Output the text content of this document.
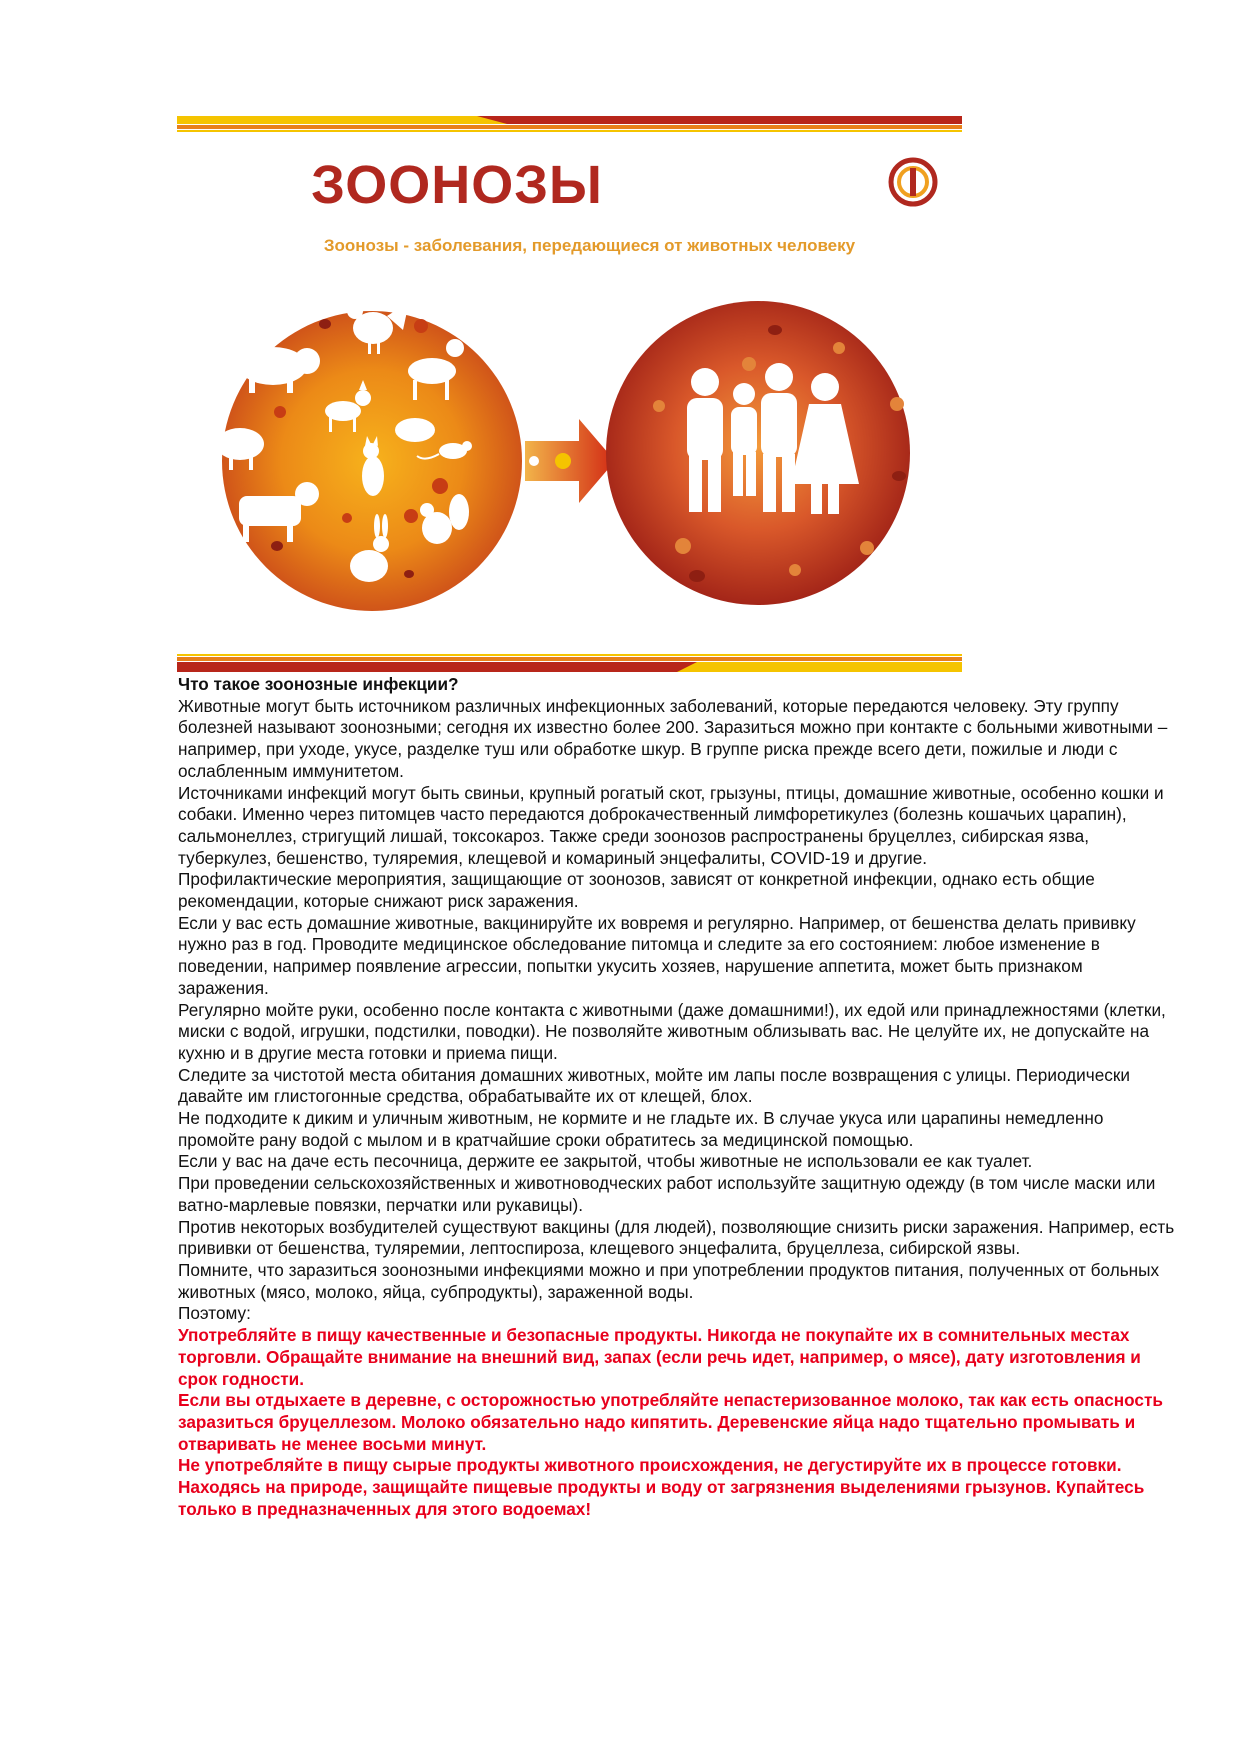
ЗООНОЗЫ
Зоонозы - заболевания, передающиеся от животных человеку

Что такое зоонозные инфекции?

Животные могут быть источником различных инфекционных заболеваний, которые передаются человеку. Эту группу болезней называют зоонозными; сегодня их известно более 200. Заразиться можно при контакте с больными животными – например, при уходе, укусе, разделке туш или обработке шкур. В группе риска прежде всего дети, пожилые и люди с ослабленным иммунитетом.

Источниками инфекций могут быть свиньи, крупный рогатый скот, грызуны, птицы, домашние животные, особенно кошки и собаки. Именно через питомцев часто передаются доброкачественный лимфоретикулез (болезнь кошачьих царапин), сальмонеллез, стригущий лишай, токсокароз. Также среди зоонозов распространены бруцеллез, сибирская язва, туберкулез, бешенство, туляремия, клещевой и комариный энцефалиты, COVID-19 и другие.

Профилактические мероприятия, защищающие от зоонозов, зависят от конкретной инфекции, однако есть общие рекомендации, которые снижают риск заражения.

Если у вас есть домашние животные, вакцинируйте их вовремя и регулярно. Например, от бешенства делать прививку нужно раз в год. Проводите медицинское обследование питомца и следите за его состоянием: любое изменение в поведении, например появление агрессии, попытки укусить хозяев, нарушение аппетита, может быть признаком заражения.

Регулярно мойте руки, особенно после контакта с животными (даже домашними!), их едой или принадлежностями (клетки, миски с водой, игрушки, подстилки, поводки). Не позволяйте животным облизывать вас. Не целуйте их, не допускайте на кухню и в другие места готовки и приема пищи.

Следите за чистотой места обитания домашних животных, мойте им лапы после возвращения с улицы. Периодически давайте им глистогонные средства, обрабатывайте их от клещей, блох.

Не подходите к диким и уличным животным, не кормите и не гладьте их. В случае укуса или царапины немедленно промойте рану водой с мылом и в кратчайшие сроки обратитесь за медицинской помощью.

Если у вас на даче есть песочница, держите ее закрытой, чтобы животные не использовали ее как туалет.

При проведении сельскохозяйственных и животноводческих работ используйте защитную одежду (в том числе маски или ватно-марлевые повязки, перчатки или рукавицы).

Против некоторых возбудителей существуют вакцины (для людей), позволяющие снизить риски заражения. Например, есть прививки от бешенства, туляремии, лептоспироза, клещевого энцефалита, бруцеллеза, сибирской язвы.

Помните, что заразиться зоонозными инфекциями можно и при употреблении продуктов питания, полученных от больных животных (мясо, молоко, яйца, субпродукты), зараженной воды.

Поэтому:

Употребляйте в пищу качественные и безопасные продукты. Никогда не покупайте их в сомнительных местах торговли. Обращайте внимание на внешний вид, запах (если речь идет, например, о мясе), дату изготовления и срок годности.

Если вы отдыхаете в деревне, с осторожностью употребляйте непастеризованное молоко, так как есть опасность заразиться бруцеллезом. Молоко обязательно надо кипятить. Деревенские яйца надо тщательно промывать и отваривать не менее восьми минут.

Не употребляйте в пищу сырые продукты животного происхождения, не дегустируйте их в процессе готовки.

Находясь на природе, защищайте пищевые продукты и воду от загрязнения выделениями грызунов. Купайтесь только в предназначенных для этого водоемах!
